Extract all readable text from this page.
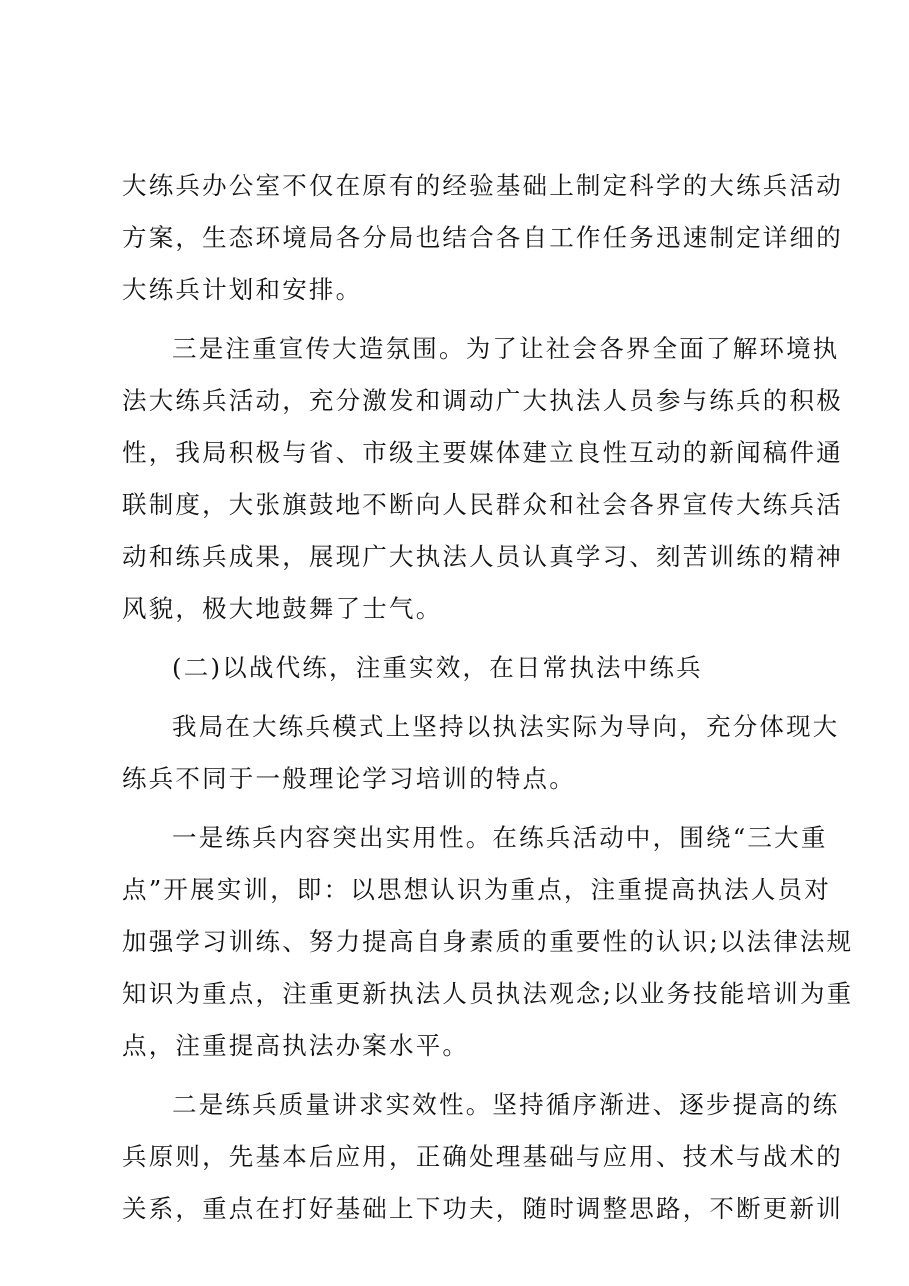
大练兵办公室不仅在原有的经验基础上制定科学的大练兵活动
方案，生态环境局各分局也结合各自工作任务迅速制定详细的
大练兵计划和安排。
三是注重宣传大造氛围。为了让社会各界全面了解环境执
法大练兵活动，充分激发和调动广大执法人员参与练兵的积极
性，我局积极与省、市级主要媒体建立良性互动的新闻稿件通
联制度，大张旗鼓地不断向人民群众和社会各界宣传大练兵活
动和练兵成果，展现广大执法人员认真学习、刻苦训练的精神
风貌，极大地鼓舞了士气。
(二)以战代练，注重实效，在日常执法中练兵
我局在大练兵模式上坚持以执法实际为导向，充分体现大
练兵不同于一般理论学习培训的特点。
一是练兵内容突出实用性。在练兵活动中，围绕“三大重
点”开展实训，即：以思想认识为重点，注重提高执法人员对
加强学习训练、努力提高自身素质的重要性的认识;以法律法规
知识为重点，注重更新执法人员执法观念;以业务技能培训为重
点，注重提高执法办案水平。
二是练兵质量讲求实效性。坚持循序渐进、逐步提高的练
兵原则，先基本后应用，正确处理基础与应用、技术与战术的
关系，重点在打好基础上下功夫，随时调整思路，不断更新训
